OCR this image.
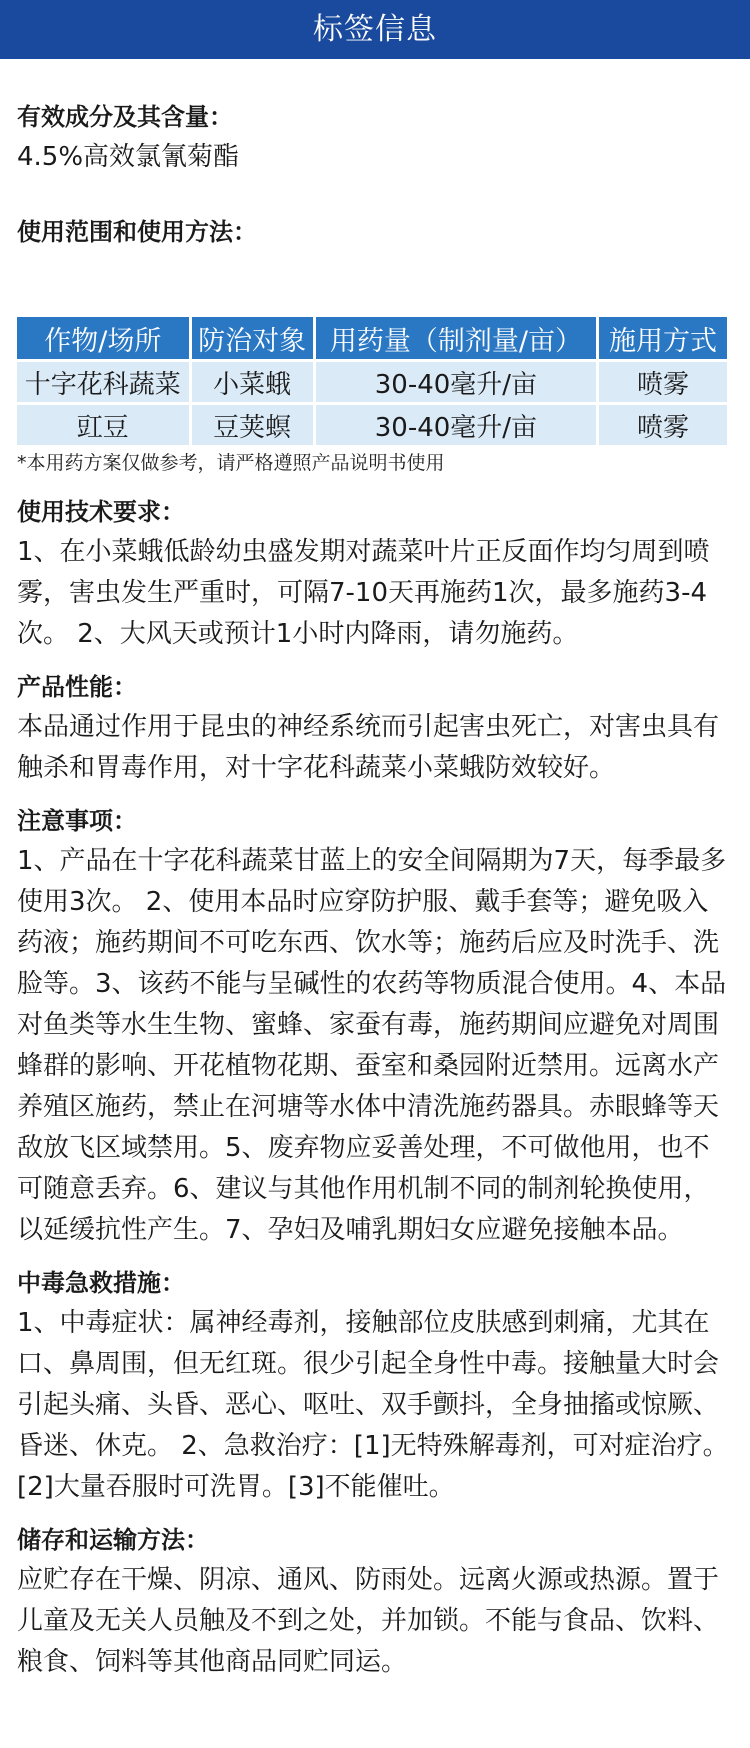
标签信息
有效成分及其含量：
4.5%高效氯氰菊酯
使用范围和使用方法：
作物/场所	防治对象	用药量（制剂量/亩）	施用方式
十字花科蔬菜	小菜蛾	30-40毫升/亩	喷雾
豇豆	豆荚螟	30-40毫升/亩	喷雾
*本用药方案仅做参考，请严格遵照产品说明书使用
使用技术要求：
1、在小菜蛾低龄幼虫盛发期对蔬菜叶片正反面作均匀周到喷雾，害虫发生严重时，可隔7-10天再施药1次，最多施药3-4次。 2、大风天或预计1小时内降雨，请勿施药。
产品性能：
本品通过作用于昆虫的神经系统而引起害虫死亡，对害虫具有触杀和胃毒作用，对十字花科蔬菜小菜蛾防效较好。
注意事项：
1、产品在十字花科蔬菜甘蓝上的安全间隔期为7天，每季最多使用3次。 2、使用本品时应穿防护服、戴手套等；避免吸入药液；施药期间不可吃东西、饮水等；施药后应及时洗手、洗脸等。3、该药不能与呈碱性的农药等物质混合使用。4、本品对鱼类等水生生物、蜜蜂、家蚕有毒，施药期间应避免对周围蜂群的影响、开花植物花期、蚕室和桑园附近禁用。远离水产养殖区施药，禁止在河塘等水体中清洗施药器具。赤眼蜂等天敌放飞区域禁用。5、废弃物应妥善处理，不可做他用，也不可随意丢弃。6、建议与其他作用机制不同的制剂轮换使用，以延缓抗性产生。7、孕妇及哺乳期妇女应避免接触本品。
中毒急救措施：
1、中毒症状：属神经毒剂，接触部位皮肤感到刺痛，尤其在口、鼻周围，但无红斑。很少引起全身性中毒。接触量大时会引起头痛、头昏、恶心、呕吐、双手颤抖，全身抽搐或惊厥、昏迷、休克。 2、急救治疗：[1]无特殊解毒剂，可对症治疗。[2]大量吞服时可洗胃。[3]不能催吐。
储存和运输方法：
应贮存在干燥、阴凉、通风、防雨处。远离火源或热源。置于儿童及无关人员触及不到之处，并加锁。不能与食品、饮料、粮食、饲料等其他商品同贮同运。
